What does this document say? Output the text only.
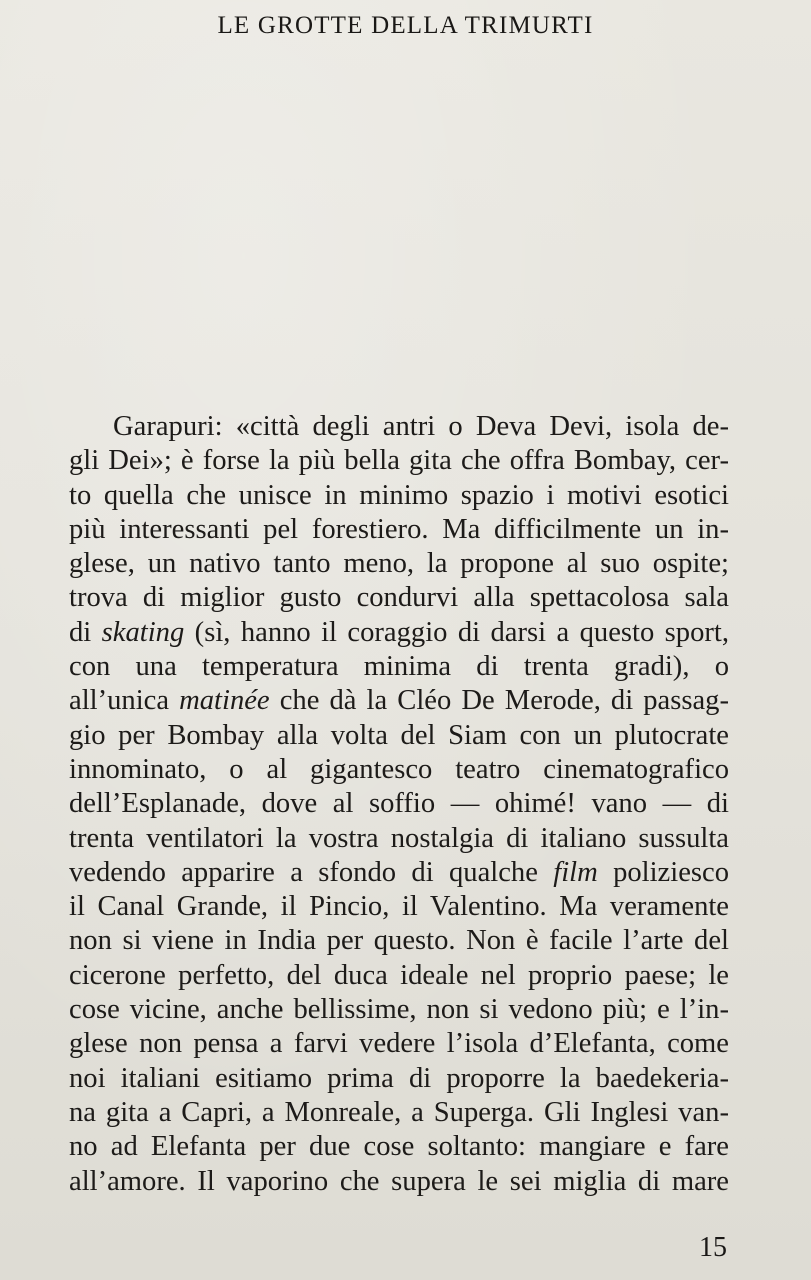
LE GROTTE DELLA TRIMURTI
Garapuri: «città degli antri o Deva Devi, isola de-
gli Dei»; è forse la più bella gita che offra Bombay, cer-
to quella che unisce in minimo spazio i motivi esotici
più interessanti pel forestiero. Ma difficilmente un in-
glese, un nativo tanto meno, la propone al suo ospite;
trova di miglior gusto condurvi alla spettacolosa sala
di skating (sì, hanno il coraggio di darsi a questo sport,
con una temperatura minima di trenta gradi), o
all’unica matinée che dà la Cléo De Merode, di passag-
gio per Bombay alla volta del Siam con un plutocrate
innominato, o al gigantesco teatro cinematografico
dell’Esplanade, dove al soffio — ohimé! vano — di
trenta ventilatori la vostra nostalgia di italiano sussulta
vedendo apparire a sfondo di qualche film poliziesco
il Canal Grande, il Pincio, il Valentino. Ma veramente
non si viene in India per questo. Non è facile l’arte del
cicerone perfetto, del duca ideale nel proprio paese; le
cose vicine, anche bellissime, non si vedono più; e l’in-
glese non pensa a farvi vedere l’isola d’Elefanta, come
noi italiani esitiamo prima di proporre la baedekeria-
na gita a Capri, a Monreale, a Superga. Gli Inglesi van-
no ad Elefanta per due cose soltanto: mangiare e fare
all’amore. Il vaporino che supera le sei miglia di mare
15
